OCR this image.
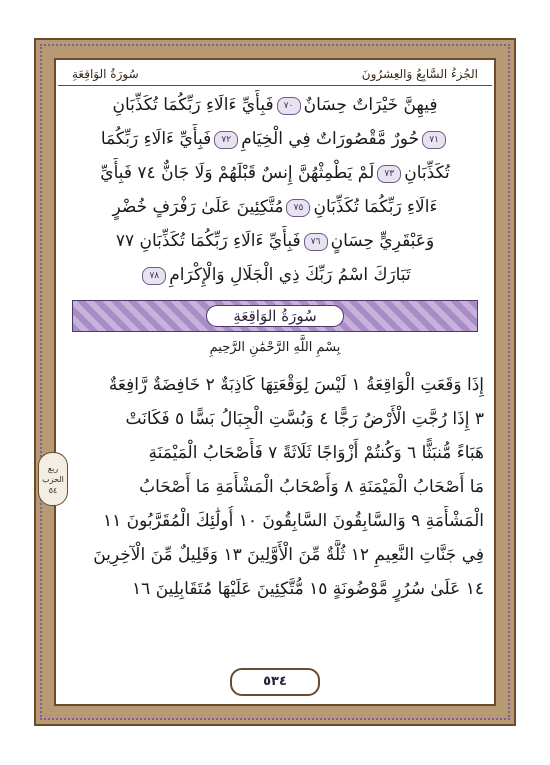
سُورَةُ الوَاقِعَةِ	الجُزءُ السَّابِعُ وَالعِشرُونَ
فِيهِنَّ خَيْرَاتٌ حِسَانٌ٧٠فَبِأَيِّ ءَالَاءِ رَبِّكُمَا تُكَذِّبَانِ
٧١حُورٌ مَّقْصُورَاتٌ فِي الْخِيَامِ٧٢فَبِأَيِّ ءَالَاءِ رَبِّكُمَا
تُكَذِّبَانِ٧٣لَمْ يَطْمِثْهُنَّ إِنسٌ قَبْلَهُمْ وَلَا جَانٌّ ٧٤ فَبِأَيِّ
ءَالَاءِ رَبِّكُمَا تُكَذِّبَانِ٧٥مُتَّكِئِينَ عَلَىٰ رَفْرَفٍ خُضْرٍ
وَعَبْقَرِيٍّ حِسَانٍ٧٦فَبِأَيِّ ءَالَاءِ رَبِّكُمَا تُكَذِّبَانِ ٧٧
تَبَارَكَ اسْمُ رَبِّكَ ذِي الْجَلَالِ وَالْإِكْرَامِ٧٨
سُورَةُ الوَاقِعَةِ
بِسْمِ اللَّهِ الرَّحْمَٰنِ الرَّحِيمِ
إِذَا وَقَعَتِ الْوَاقِعَةُ ١ لَيْسَ لِوَقْعَتِهَا كَاذِبَةٌ ٢ خَافِضَةٌ رَّافِعَةٌ
٣ إِذَا رُجَّتِ الْأَرْضُ رَجًّا ٤ وَبُسَّتِ الْجِبَالُ بَسًّا ٥ فَكَانَتْ
هَبَاءً مُّنبَثًّا ٦ وَكُنتُمْ أَزْوَاجًا ثَلَاثَةً ٧ فَأَصْحَابُ الْمَيْمَنَةِ
مَا أَصْحَابُ الْمَيْمَنَةِ ٨ وَأَصْحَابُ الْمَشْأَمَةِ مَا أَصْحَابُ
الْمَشْأَمَةِ ٩ وَالسَّابِقُونَ السَّابِقُونَ ١٠ أُولَٰئِكَ الْمُقَرَّبُونَ ١١
فِي جَنَّاتِ النَّعِيمِ ١٢ ثُلَّةٌ مِّنَ الْأَوَّلِينَ ١٣ وَقَلِيلٌ مِّنَ الْآخِرِينَ
١٤ عَلَىٰ سُرُرٍ مَّوْضُونَةٍ ١٥ مُّتَّكِئِينَ عَلَيْهَا مُتَقَابِلِينَ ١٦
٥٣٤
ربع
الحزب
٥٤
